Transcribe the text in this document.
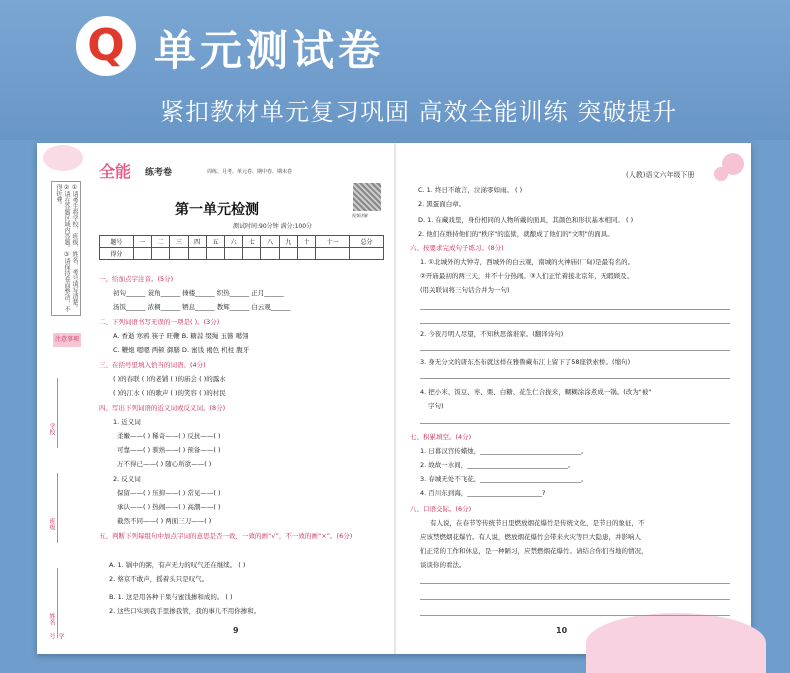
Q 单元测试卷
紧扣教材单元复习巩固 高效全能训练 突破提升
①请考生将学校、班级、姓名、考号填写清楚。②请在答题区域内答题。③请保持卷面整洁，不得折叠。
注意事项
学校
班级
姓名
学号
全能 练考卷	周练、月考、单元卷、期中卷、期末卷
视频讲解
第一单元检测
测试时间:90分钟 满分:100分
题号	一	二	三	四	五	六	七	八	九	十	十一	总分
得分												
一、给加点字注音。(5分)
初旬______ 蓑角______ 捶楼______ 织热______ 正月______
汤饭______ 浓稠______ 牺息______ 教辉______ 白云观______
二、下列词语书写无误的一项是( )。(3分)
A. 香逝 寒鸦 筷子 旺鞭 B. 糖蒜 缀绳 玉簪 噶翎
C. 鞭炮 嗯嗯 两顿 御膳 D. 蜜饯 褐色 机柱 腹牙
三、在括号里填入恰当的词语。(4分)
( )的春联 ( )的老铺 ( )的庙会 ( )的露水
( )的江水 ( )的歌声 ( )的笑容 ( )的村民
四、写出下列词语的近义词或反义词。(8分)
1. 近义词
柔嫩——( ) 稀奇——( ) 反抗——( )
可靠——( ) 驯熟——( ) 预备——( )
万不得已——( ) 随心所欲——( )
2. 反义词
保留——( ) 压抑——( ) 常见——( )
承认——( ) 热闹——( ) 高潮——( )
截然不同——( ) 两面三刀——( )
五、判断下列每组句中加点字词的意思是否一致，一致的画“√”，不一致的画“×”。(6分)
A. 1. 锅中的粥，有声无力的叹气还在继续。 ( )
2. 蔡京不敢声，摇着头只是叹气。
B. 1. 这是用各种干果与蜜饯掺和成的。 ( )
2. 这些口实到我手里掺我管，我的事儿不用你掺和。
9
(人教)语文六年级下册
C. 1. 终日不敢言，泣涕零如雨。 ( )
2. 黑蛋面白章。
D. 1. 在藏戏里，身份相同的人物所戴的面具，其颜色和形状基本相同。 ( )
2. 他们在维持他们的"秩序"的监狱，就酿成了他们的"文明"的面具。
六、按要求完成句子练习。(8分)
1. ①北城外的大钟寺，西城外的白云观，南城的火神庙(厂甸)是最有名的。
②开庙最初的两三天，并不十分热闹。③人们正忙着接北京年，无暇顾及。
(用关联词将三句话合并为一句)
2. 今夜月明人尽望，不知秋思落谁家。(翻译诗句)
3. 身无分文的唐东杰布就这样在雅鲁藏布江上留下了58座铁索桥。(缩句)
4. 把小米、饭豆、枣、栗、白糖、花生仁合拢来，糊糊涂涂煮成一锅。(改为"被"
字句)
七、积累填空。(4分)
1. 日暮汉宫传蜡烛，_______________________________。
2. 故故一水间，_______________________________。
3. 春城无处不飞花，_______________________________。
4. 百川东到海，_______________________?
八、口语交际。(6分)
有人说，在春节等传统节日里燃放烟花爆竹是传统文化，是节日的象征，不
应该禁燃烟花爆竹。有人说，燃放烟花爆竹会带来火灾等巨大隐患，并影响人
们正常的工作和休息，是一种陋习，应禁燃烟花爆竹。请结合你们当地的情况，
谈谈你的看法。
10
